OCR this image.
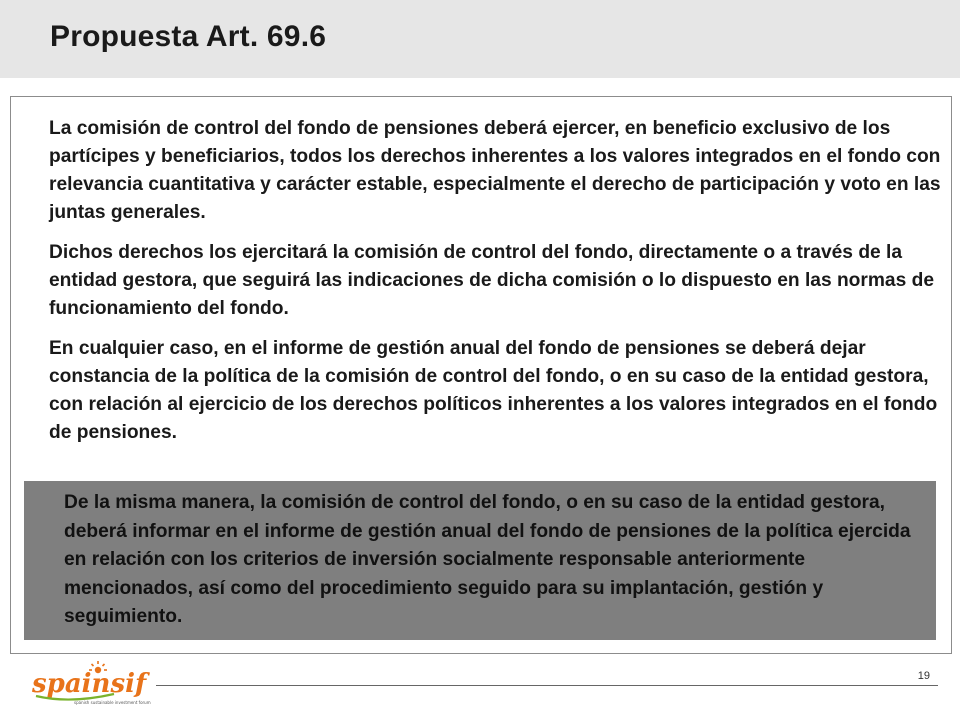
Propuesta Art. 69.6

La comisión de control del fondo de pensiones deberá ejercer, en beneficio exclusivo de los partícipes y beneficiarios, todos los derechos inherentes a los valores integrados en el fondo con relevancia cuantitativa y carácter estable, especialmente el derecho de participación y voto en las juntas generales.

Dichos derechos los ejercitará la comisión de control del fondo, directamente o a través de la entidad gestora, que seguirá las indicaciones de dicha comisión o lo dispuesto en las normas de funcionamiento del fondo.

En cualquier caso, en el informe de gestión anual del fondo de pensiones se deberá dejar constancia de la política de la comisión de control del fondo, o en su caso de la entidad gestora, con relación al ejercicio de los derechos políticos inherentes a los valores integrados en el fondo de pensiones.

De la misma manera, la comisión de control del fondo, o en su caso de la entidad gestora, deberá informar en el informe de gestión anual del fondo de pensiones de la política ejercida en relación con los criterios de inversión socialmente responsable anteriormente mencionados, así como del procedimiento seguido para su implantación, gestión y seguimiento.

spainsif
spanish sustainable investment forum
19
